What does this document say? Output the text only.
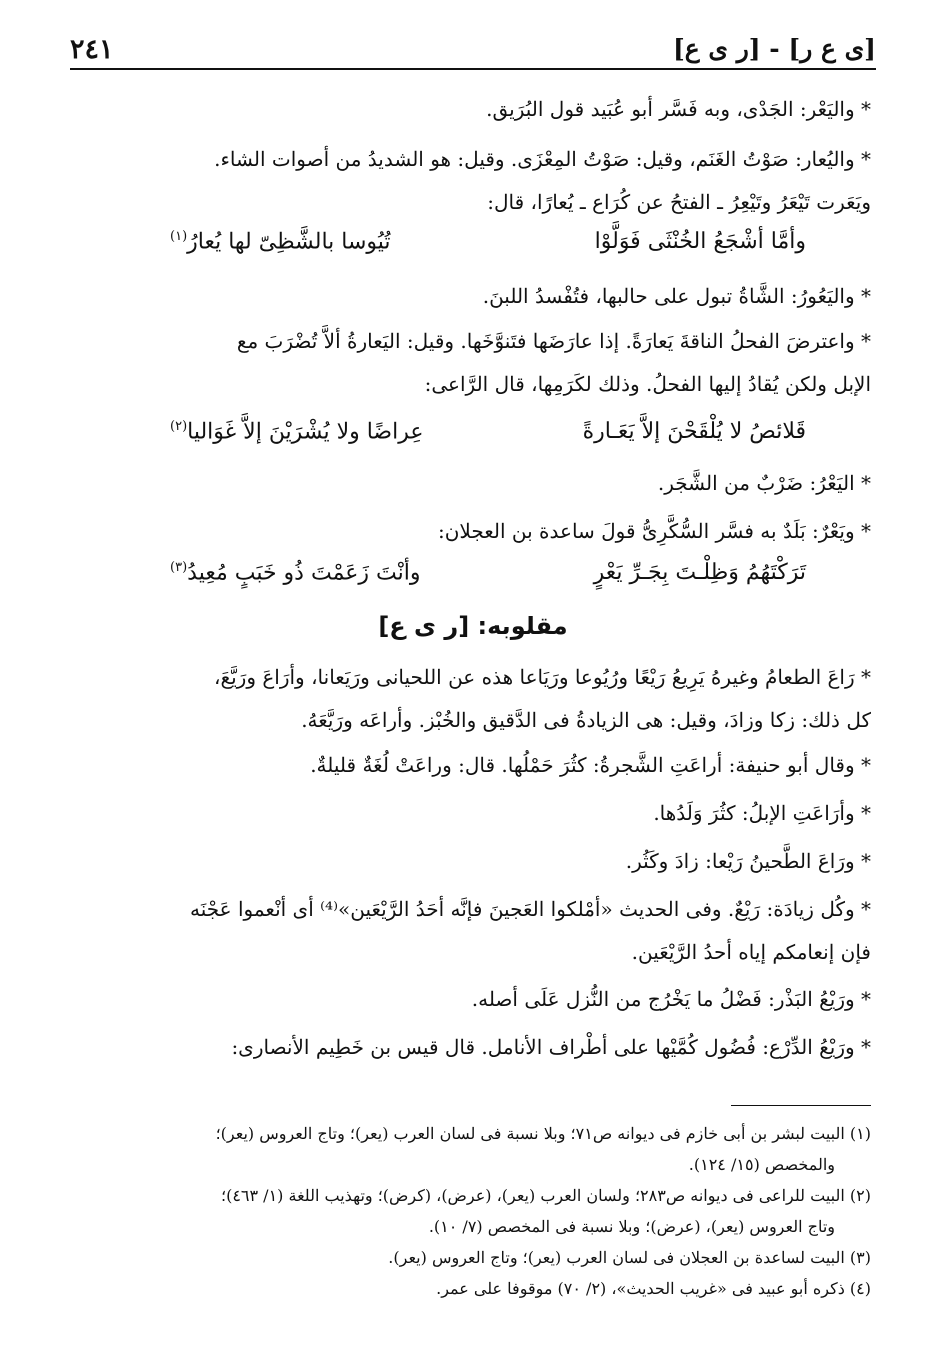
٢٤١	[ى ع ر] - [ر ى ع]
* واليَعْر: الجَدْى، وبه فَسَّر أبو عُبَيد قول البُرَيق.
* واليُعار: صَوْتُ الغَنَم، وقيل: صَوْتُ المِعْزَى. وقيل: هو الشديدُ من أصوات الشاء.
ويَعَرت تَيْعَرُ وتَيْعِرُ ـ الفتحُ عن كُرَاع ـ يُعارًا، قال:
وأمَّا أشْجَعُ الخُنْثَى فَوَلَّوْا
تُيُوسا بالشَّظِىّ لها يُعارُ$^{(١)}$
* واليَعُورُ: الشَّاةُ تبول على حالبها، فتُفْسدُ اللبنَ.
* واعترضَ الفحلُ الناقةَ يَعارَةً. إذا عارَضَها فتَنوَّخَها. وقيل: اليَعارةُ ألاَّ تُضْرَبَ مع
الإبل ولكن يُقادُ إليها الفحلُ. وذلك لكَرَمِها، قال الرَّاعى:
قَلائصُ لا يُلْقَحْنَ إلاَّ يَعَـارةً
عِراضًا ولا يُشْرَيْنَ إلاَّ غَوَاليا$^{(٢)}$
* اليَعْرُ: ضَرْبٌ من الشَّجَر.
* ويَعْرٌ: بَلَدٌ به فسَّر السُّكَّرِىُّ قولَ ساعدة بن العجلان:
تَرَكْتَهُمُ وَظِلْـتَ بِجَـرِّ يَعْرٍ
وأنْتَ زَعَمْتَ ذُو خَبَبٍ مُعِيدُ$^{(٣)}$
مقلوبه: [ر ى ع]
* رَاعَ الطعامُ وغيرهُ يَرِيعُ رَيْعًا ورُيُوعا ورَيَاعا هذه عن اللحيانى ورَيَعانا، وأرَاعَ ورَيَّعَ،
كل ذلك: زكا وزادَ، وقيل: هى الزيادةُ فى الدَّقيق والخُبْز. وأراعَه ورَيَّعَهُ.
* وقال أبو حنيفة: أراعَتِ الشَّجرةُ: كثُرَ حَمْلُها. قال: وراعَتْ لُغَةٌ قليلةٌ.
* وأرَاعَتِ الإبلُ: كثُرَ وَلَدُها.
* ورَاعَ الطَّحينُ رَيْعا: زادَ وكَثُر.
* وكُل زيادَة: رَيْعٌ. وفى الحديث «أمْلكوا العَجينَ فإنَّه أحَدُ الرَّيْعَين»⁽⁴⁾ أى أنْعموا عَجْنَه
فإن إنعامكم إياه أحدُ الرَّيْعَين.
* ورَيْعُ البَذْر: فَضْلُ ما يَخْرُج من النُّزل عَلَى أصله.
* ورَيْعُ الدِّرْع: فُضُول كُمَّيْها على أطْراف الأنامل. قال قيس بن خَطِيم الأنصارى:
(١) البيت لبشر بن أبى خازم فى ديوانه ص٧١؛ وبلا نسبة فى لسان العرب (يعر)؛ وتاج العروس (يعر)؛
والمخصص (١٥/ ١٢٤).
(٢) البيت للراعى فى ديوانه ص٢٨٣؛ ولسان العرب (يعر)، (عرض)، (كرض)؛ وتهذيب اللغة (١/ ٤٦٣)؛
وتاج العروس (يعر)، (عرض)؛ وبلا نسبة فى المخصص (٧/ ١٠).
(٣) البيت لساعدة بن العجلان فى لسان العرب (يعر)؛ وتاج العروس (يعر).
(٤) ذكره أبو عبيد فى «غريب الحديث»، (٢/ ٧٠) موقوفا على عمر.
